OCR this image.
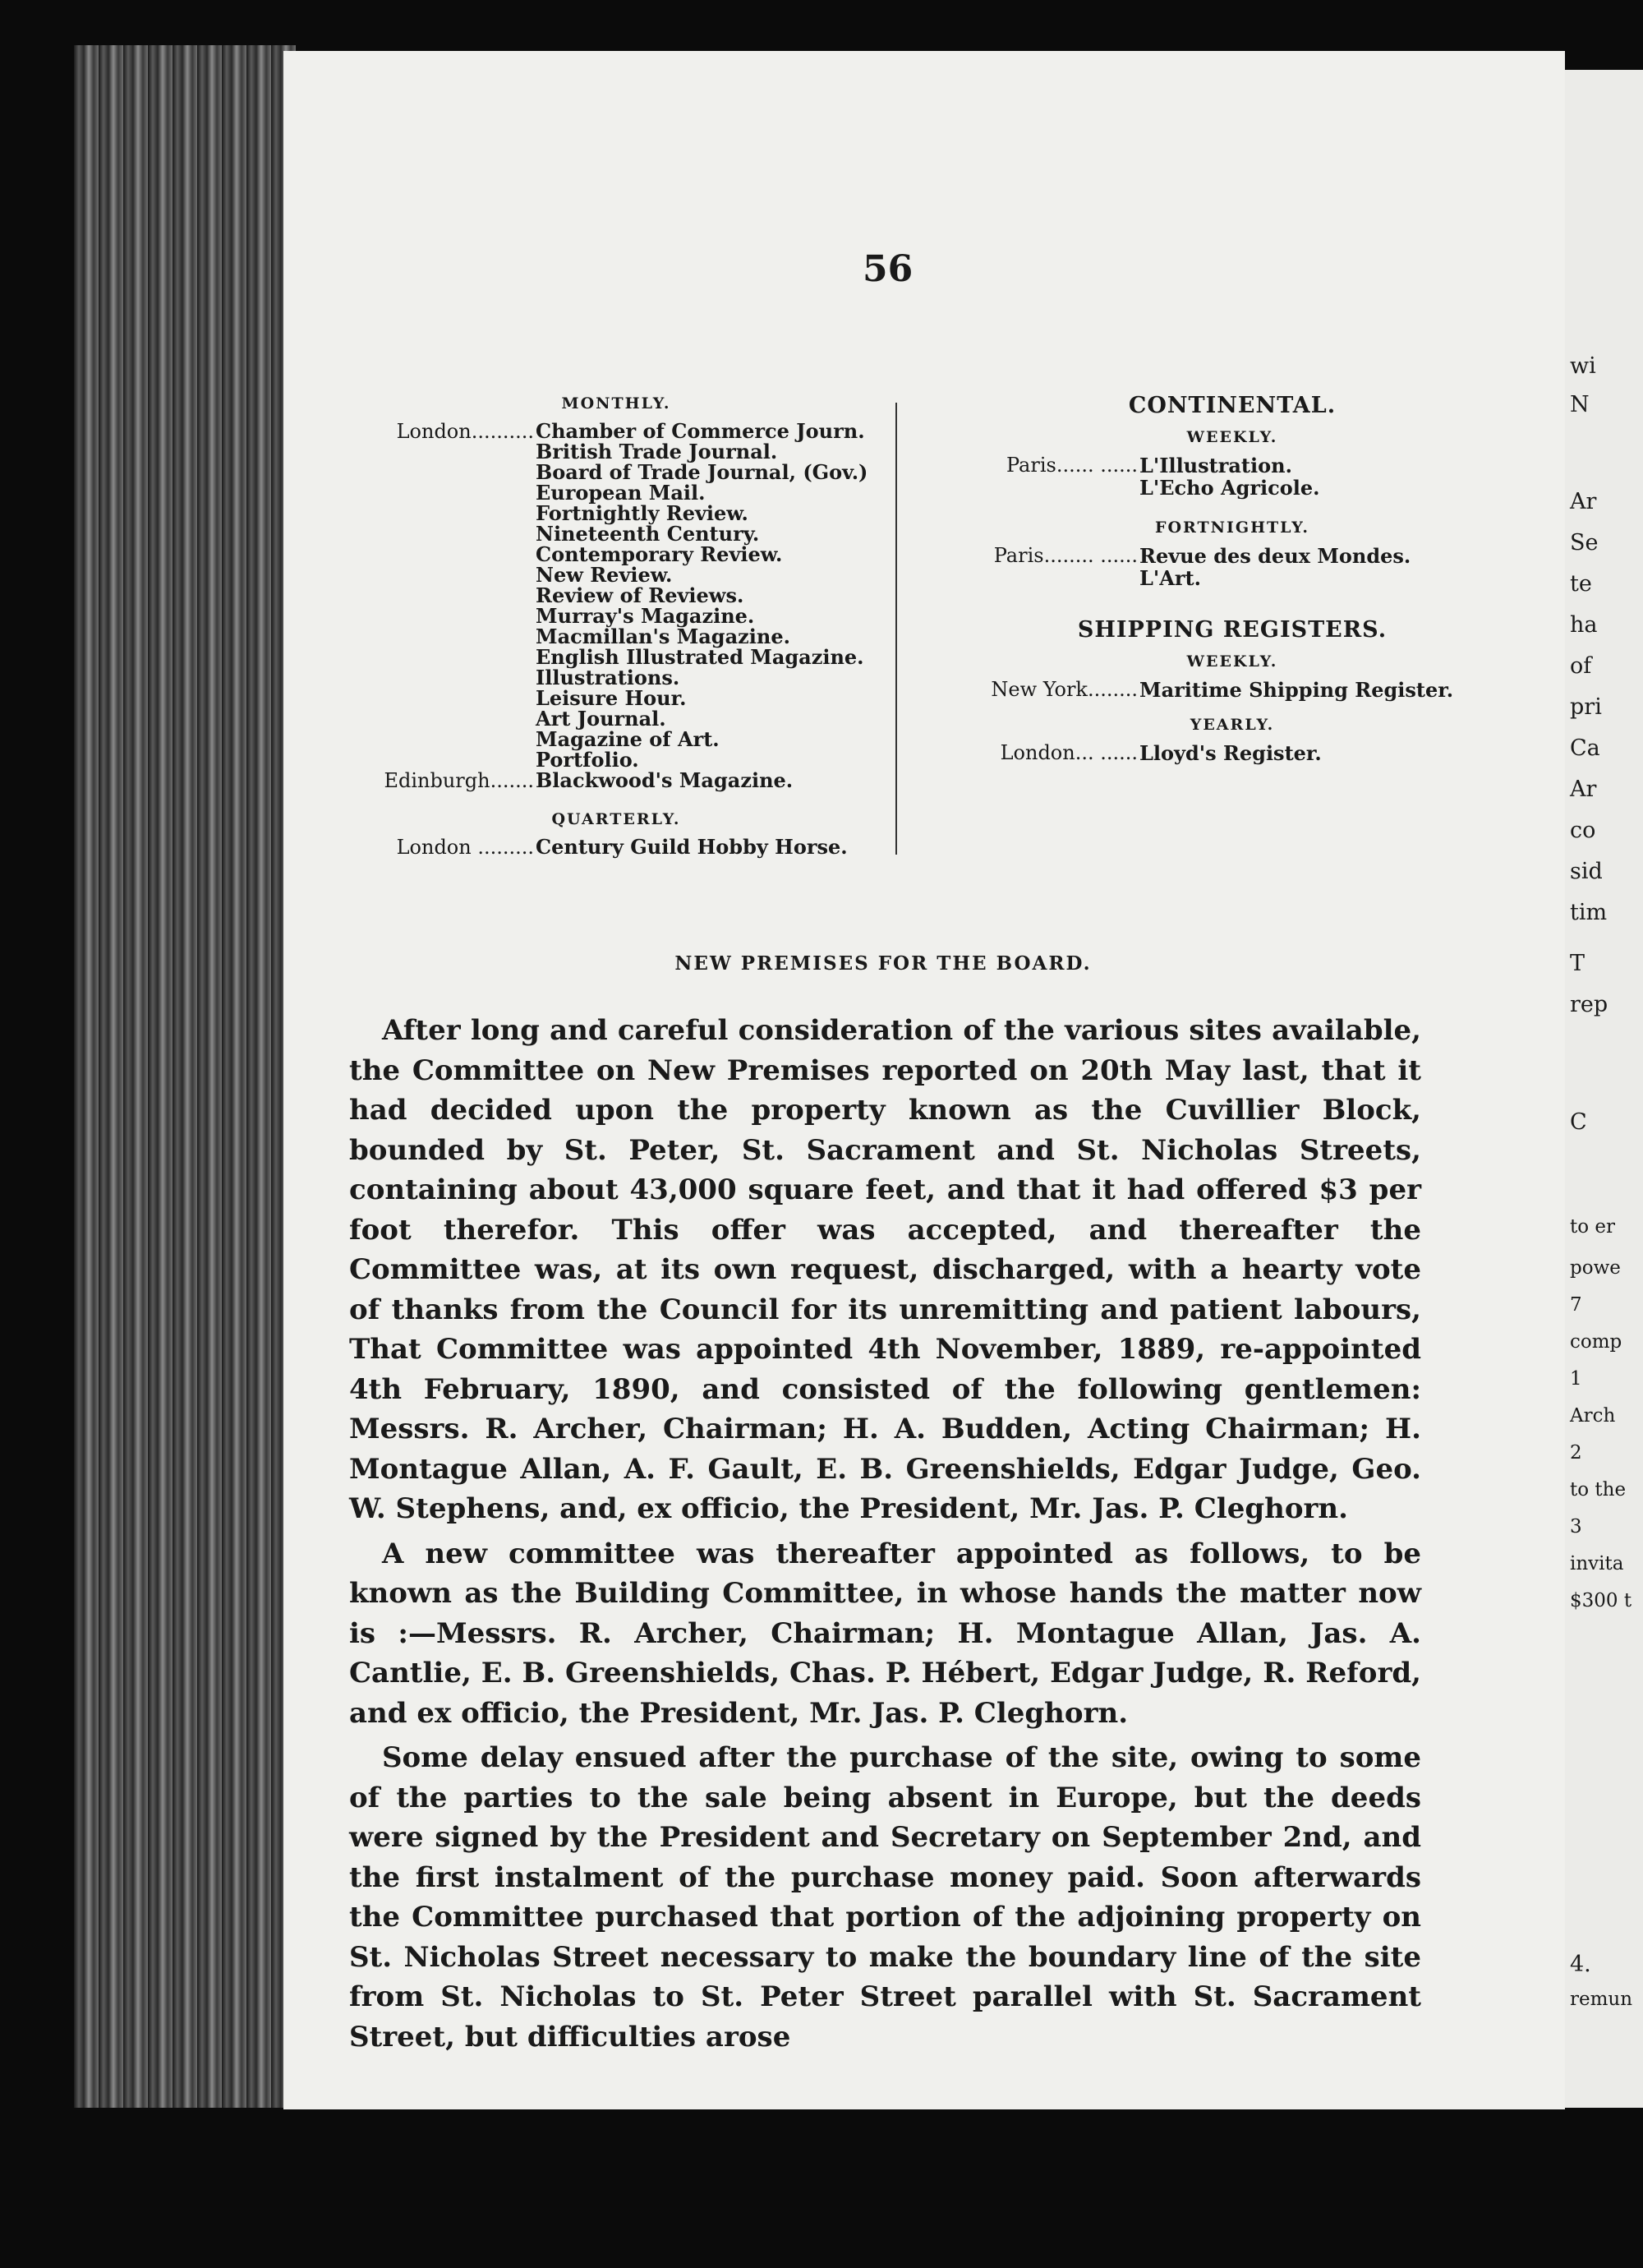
56
MONTHLY.
London.......... Chamber of Commerce Journ.
British Trade Journal.
Board of Trade Journal, (Gov.)
European Mail.
Fortnightly Review.
Nineteenth Century.
Contemporary Review.
New Review.
Review of Reviews.
Murray's Magazine.
Macmillan's Magazine.
English Illustrated Magazine.
Illustrations.
Leisure Hour.
Art Journal.
Magazine of Art.
Portfolio.
Edinburgh....... Blackwood's Magazine.
QUARTERLY.
London ......... Century Guild Hobby Horse.
CONTINENTAL.
WEEKLY.
Paris...... ...... L'Illustration.
L'Echo Agricole.
FORTNIGHTLY.
Paris........ ...... Revue des deux Mondes.
L'Art.
SHIPPING REGISTERS.
WEEKLY.
New York........ Maritime Shipping Register.
YEARLY.
London... ...... Lloyd's Register.
NEW PREMISES FOR THE BOARD.

After long and careful consideration of the various sites available, the Committee on New Premises reported on 20th May last, that it had decided upon the property known as the Cuvillier Block, bounded by St. Peter, St. Sacrament and St. Nicholas Streets, containing about 43,000 square feet, and that it had offered $3 per foot therefor. This offer was accepted, and thereafter the Committee was, at its own request, discharged, with a hearty vote of thanks from the Council for its unremitting and patient labours, That Committee was appointed 4th November, 1889, re-appointed 4th February, 1890, and consisted of the following gentlemen: Messrs. R. Archer, Chairman; H. A. Budden, Acting Chairman; H. Montague Allan, A. F. Gault, E. B. Greenshields, Edgar Judge, Geo. W. Stephens, and, ex officio, the President, Mr. Jas. P. Cleghorn.

A new committee was thereafter appointed as follows, to be known as the Building Committee, in whose hands the matter now is :—Messrs. R. Archer, Chairman; H. Montague Allan, Jas. A. Cantlie, E. B. Greenshields, Chas. P. Hébert, Edgar Judge, R. Reford, and ex officio, the President, Mr. Jas. P. Cleghorn.

Some delay ensued after the purchase of the site, owing to some of the parties to the sale being absent in Europe, but the deeds were signed by the President and Secretary on September 2nd, and the first instalment of the purchase money paid. Soon afterwards the Committee purchased that portion of the adjoining property on St. Nicholas Street necessary to make the boundary line of the site from St. Nicholas to St. Peter Street parallel with St. Sacrament Street, but difficulties arose

wi
N
Ar
Se
te
ha
of
pri
Ca
Ar
co
sid
tim
T
rep
C
to er
powe
7
comp
1
Arch
2
to the
3
invita
$300 t
4.
remun
